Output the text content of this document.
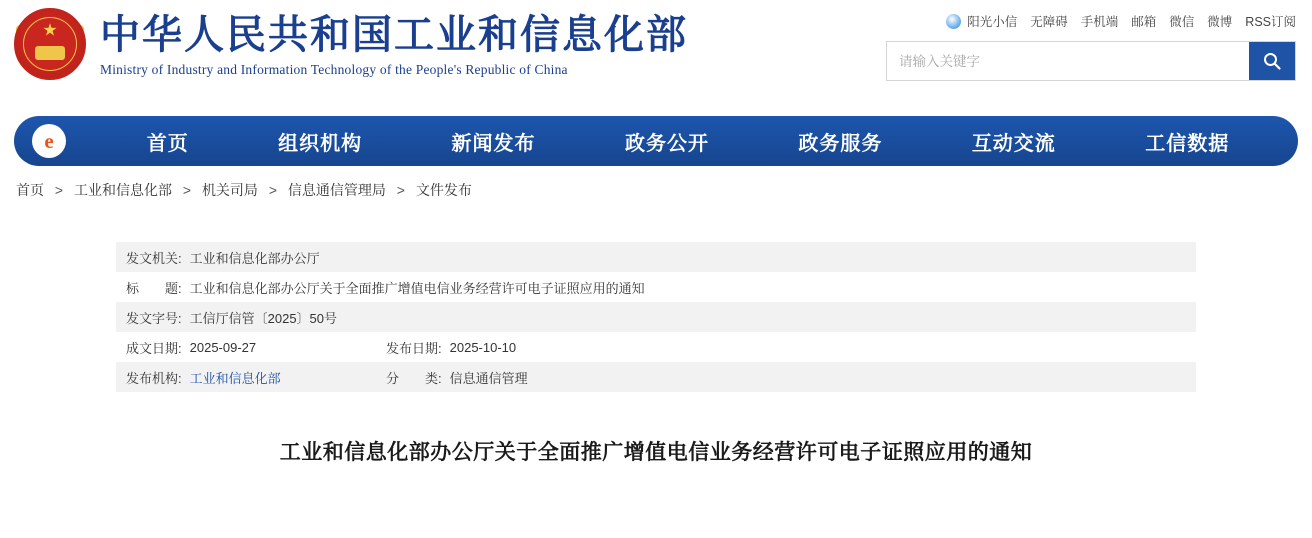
★ 中华人民共和国工业和信息化部
Ministry of Industry and Information Technology of the People's Republic of China
阳光小信 无障碍 手机端 邮箱 微信 微博 RSS订阅
请输入关键字
e	首页	组织机构	新闻发布	政务公开	政务服务	互动交流	工信数据
首页 > 工业和信息化部 > 机关司局 > 信息通信管理局 > 文件发布
发文机关: 工业和信息化部办公厅
标　　题: 工业和信息化部办公厅关于全面推广增值电信业务经营许可电子证照应用的通知
发文字号: 工信厅信管〔2025〕50号
成文日期: 2025-09-27	发布日期: 2025-10-10
发布机构: 工业和信息化部	分　　类: 信息通信管理
工业和信息化部办公厅关于全面推广增值电信业务经营许可电子证照应用的通知
